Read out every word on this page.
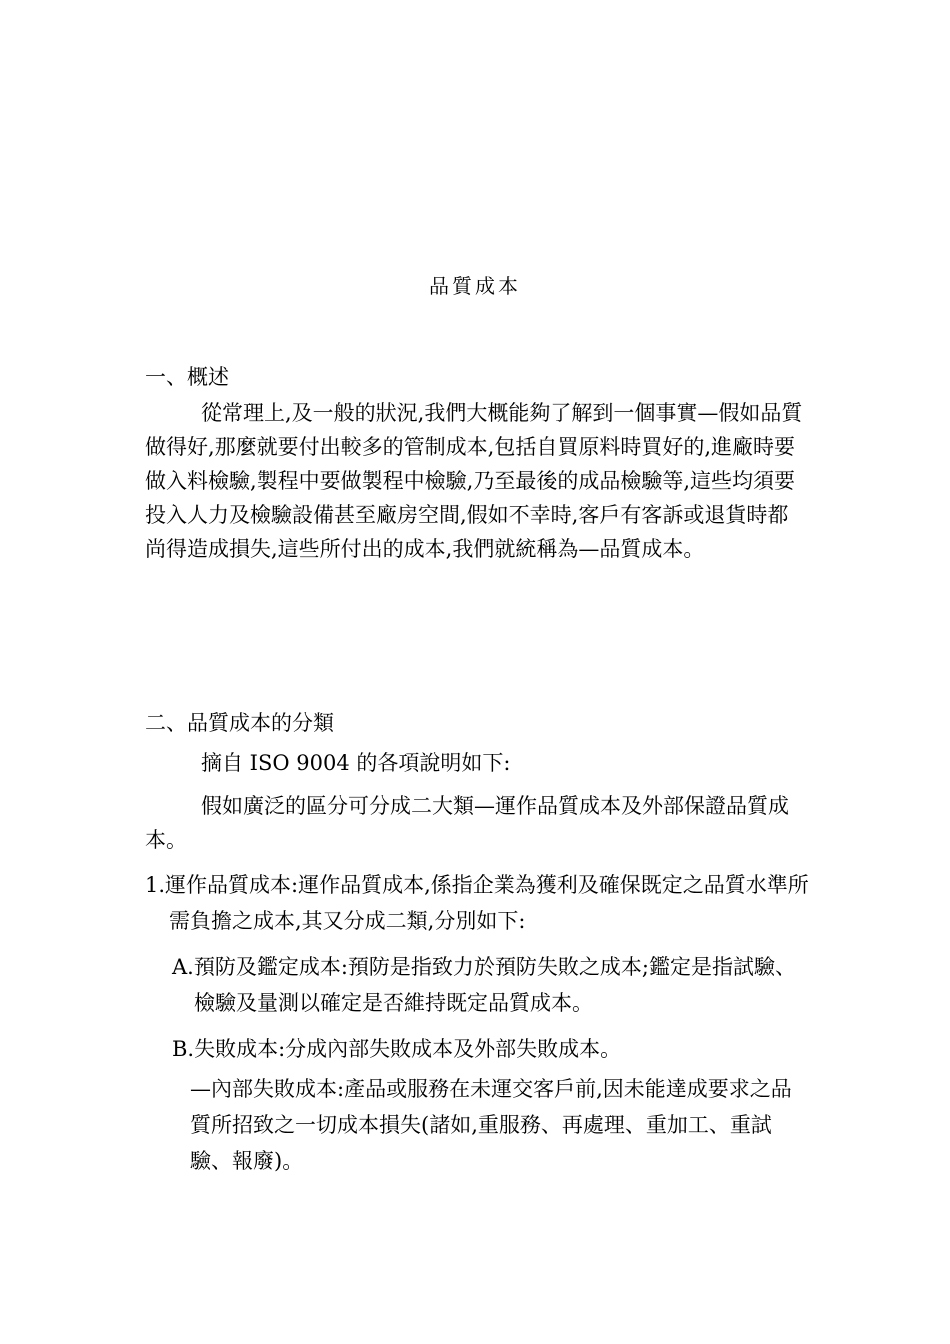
品質成本
一、概述

從常理上,及一般的狀況,我們大概能夠了解到一個事實—假如品質做得好,那麼就要付出較多的管制成本,包括自買原料時買好的,進廠時要做入料檢驗,製程中要做製程中檢驗,乃至最後的成品檢驗等,這些均須要投入人力及檢驗設備甚至廠房空間,假如不幸時,客戶有客訴或退貨時都尚得造成損失,這些所付出的成本,我們就統稱為—品質成本。

二、品質成本的分類
摘自 ISO 9004 的各項說明如下:

假如廣泛的區分可分成二大類—運作品質成本及外部保證品質成本。

1.運作品質成本:運作品質成本,係指企業為獲利及確保既定之品質水準所需負擔之成本,其又分成二類,分別如下:
A.預防及鑑定成本:預防是指致力於預防失敗之成本;鑑定是指試驗、檢驗及量測以確定是否維持既定品質成本。
B.失敗成本:分成內部失敗成本及外部失敗成本。
—內部失敗成本:產品或服務在未運交客戶前,因未能達成要求之品質所招致之一切成本損失(諸如,重服務、再處理、重加工、重試驗、報廢)。
